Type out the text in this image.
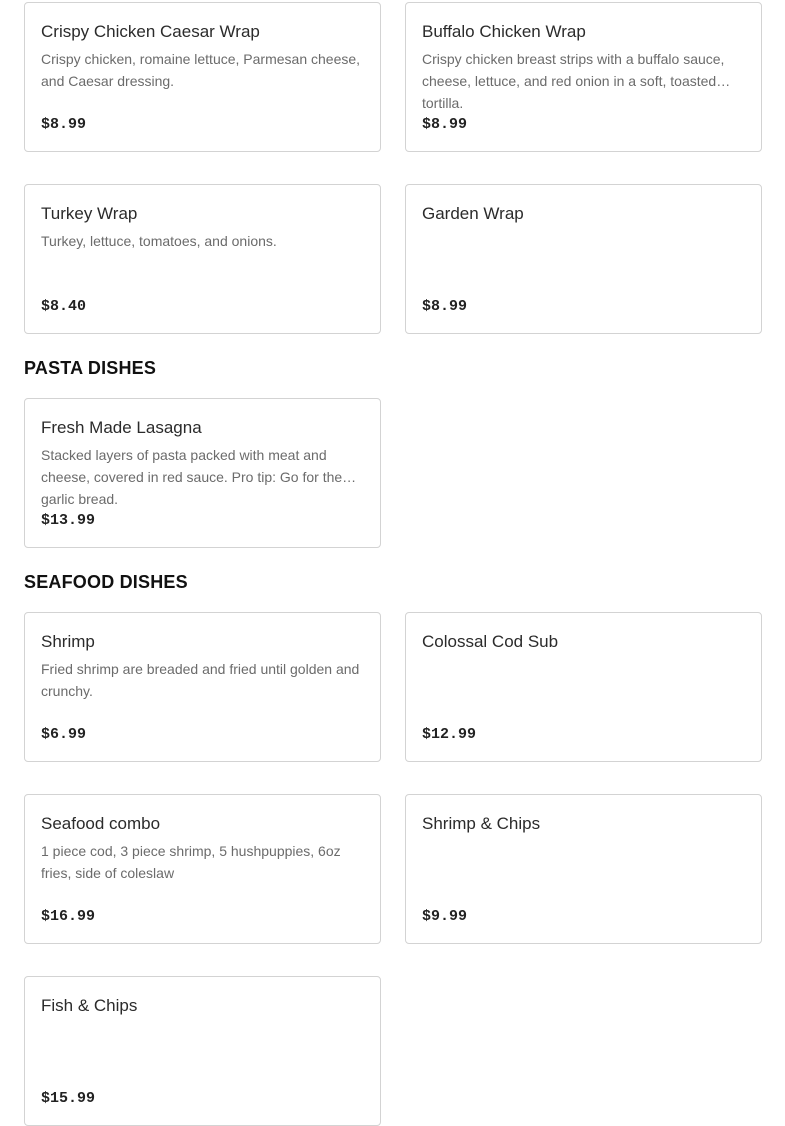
Crispy Chicken Caesar Wrap
Crispy chicken, romaine lettuce, Parmesan cheese, and Caesar dressing.
$8.99
Buffalo Chicken Wrap
Crispy chicken breast strips with a buffalo sauce, cheese, lettuce, and red onion in a soft, toasted tortilla.
$8.99
Turkey Wrap
Turkey, lettuce, tomatoes, and onions.
$8.40
Garden Wrap
$8.99
PASTA DISHES
Fresh Made Lasagna
Stacked layers of pasta packed with meat and cheese, covered in red sauce. Pro tip: Go for the garlic bread.
$13.99
SEAFOOD DISHES
Shrimp
Fried shrimp are breaded and fried until golden and crunchy.
$6.99
Colossal Cod Sub
$12.99
Seafood combo
1 piece cod, 3 piece shrimp, 5 hushpuppies, 6oz fries, side of coleslaw
$16.99
Shrimp & Chips
$9.99
Fish & Chips
$15.99
